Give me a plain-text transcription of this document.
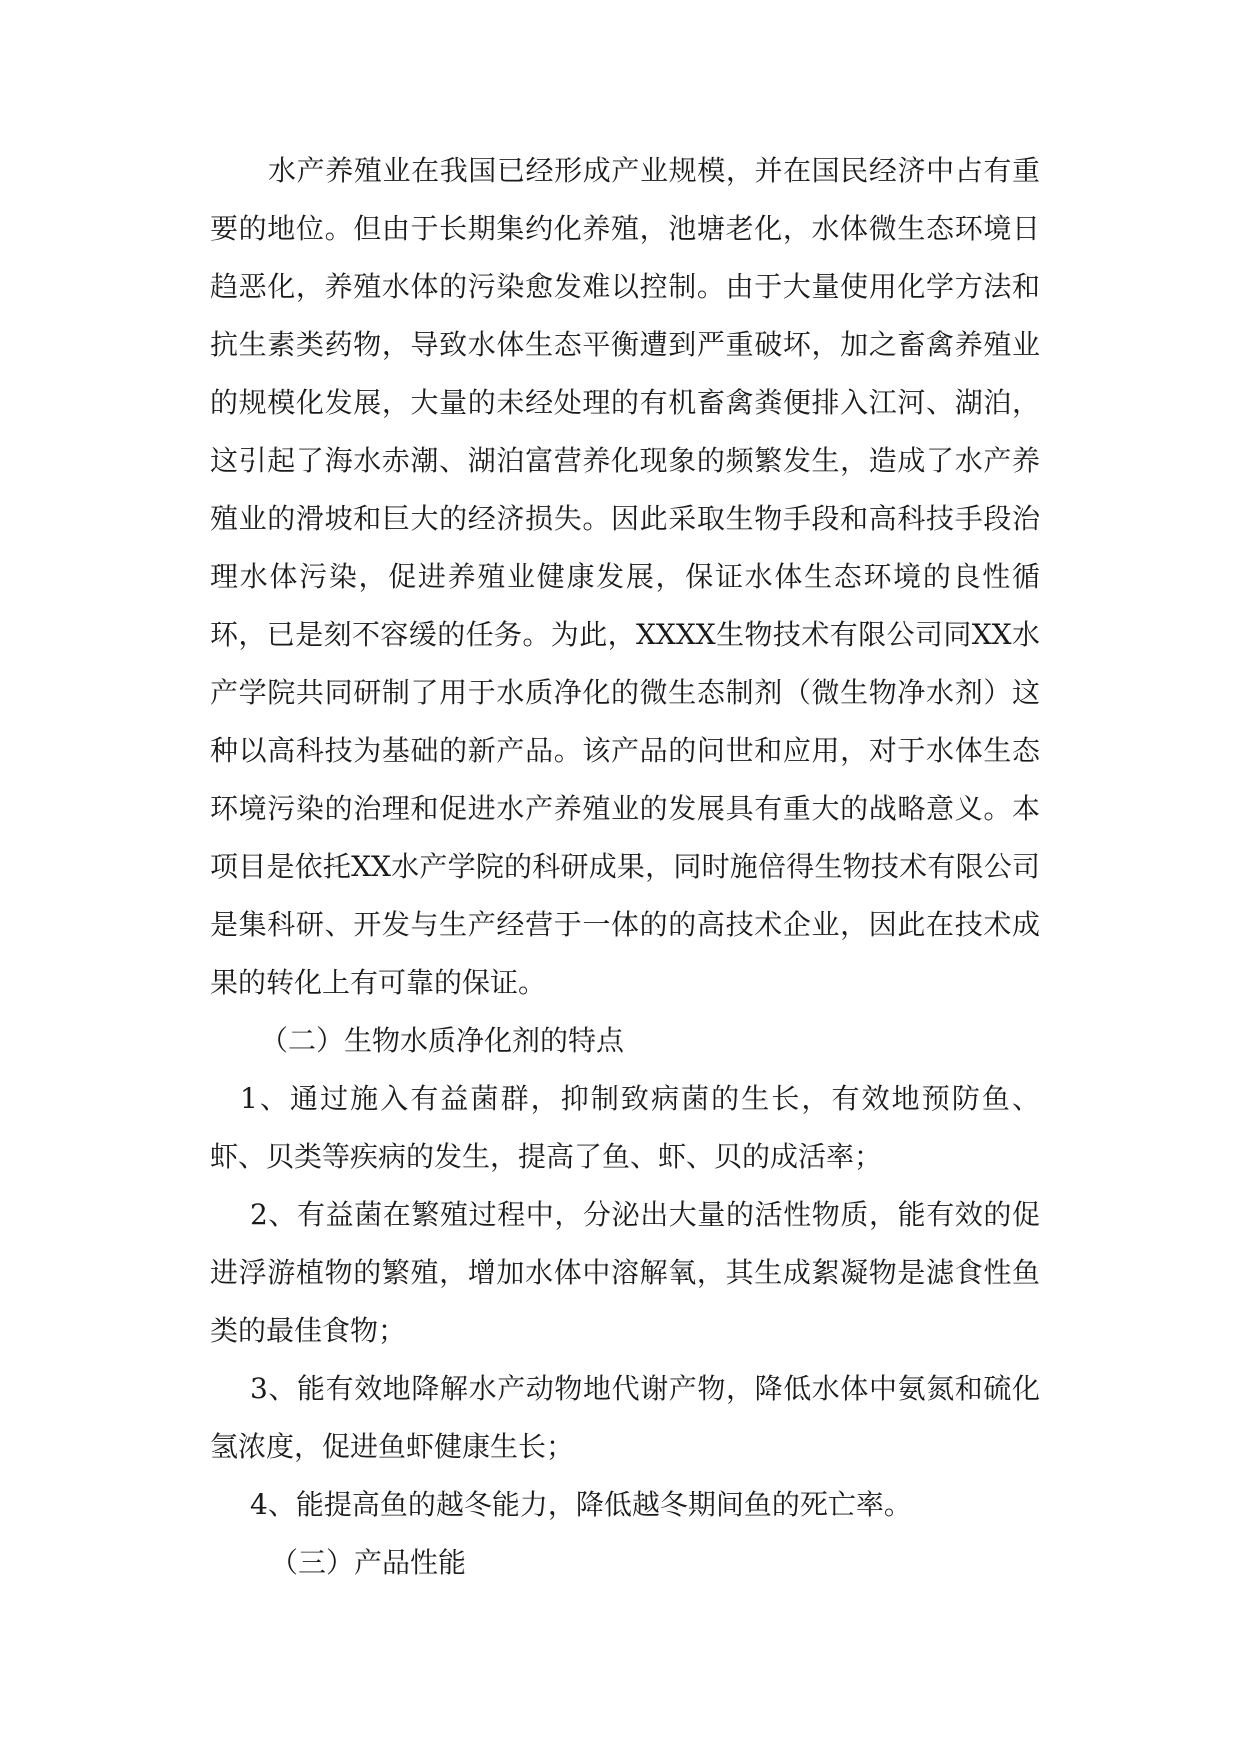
水产养殖业在我国已经形成产业规模，并在国民经济中占有重要的地位。但由于长期集约化养殖，池塘老化，水体微生态环境日趋恶化，养殖水体的污染愈发难以控制。由于大量使用化学方法和抗生素类药物，导致水体生态平衡遭到严重破坏，加之畜禽养殖业的规模化发展，大量的未经处理的有机畜禽粪便排入江河、湖泊，这引起了海水赤潮、湖泊富营养化现象的频繁发生，造成了水产养殖业的滑坡和巨大的经济损失。因此采取生物手段和高科技手段治理水体污染，促进养殖业健康发展，保证水体生态环境的良性循环，已是刻不容缓的任务。为此，XXXX生物技术有限公司同XX水产学院共同研制了用于水质净化的微生态制剂（微生物净水剂）这种以高科技为基础的新产品。该产品的问世和应用，对于水体生态环境污染的治理和促进水产养殖业的发展具有重大的战略意义。本项目是依托XX水产学院的科研成果，同时施倍得生物技术有限公司是集科研、开发与生产经营于一体的的高技术企业，因此在技术成果的转化上有可靠的保证。

（二）生物水质净化剂的特点

1、通过施入有益菌群，抑制致病菌的生长，有效地预防鱼、虾、贝类等疾病的发生，提高了鱼、虾、贝的成活率；

2、有益菌在繁殖过程中，分泌出大量的活性物质，能有效的促进浮游植物的繁殖，增加水体中溶解氧，其生成絮凝物是滤食性鱼类的最佳食物；

3、能有效地降解水产动物地代谢产物，降低水体中氨氮和硫化氢浓度，促进鱼虾健康生长；

4、能提高鱼的越冬能力，降低越冬期间鱼的死亡率。

（三）产品性能
